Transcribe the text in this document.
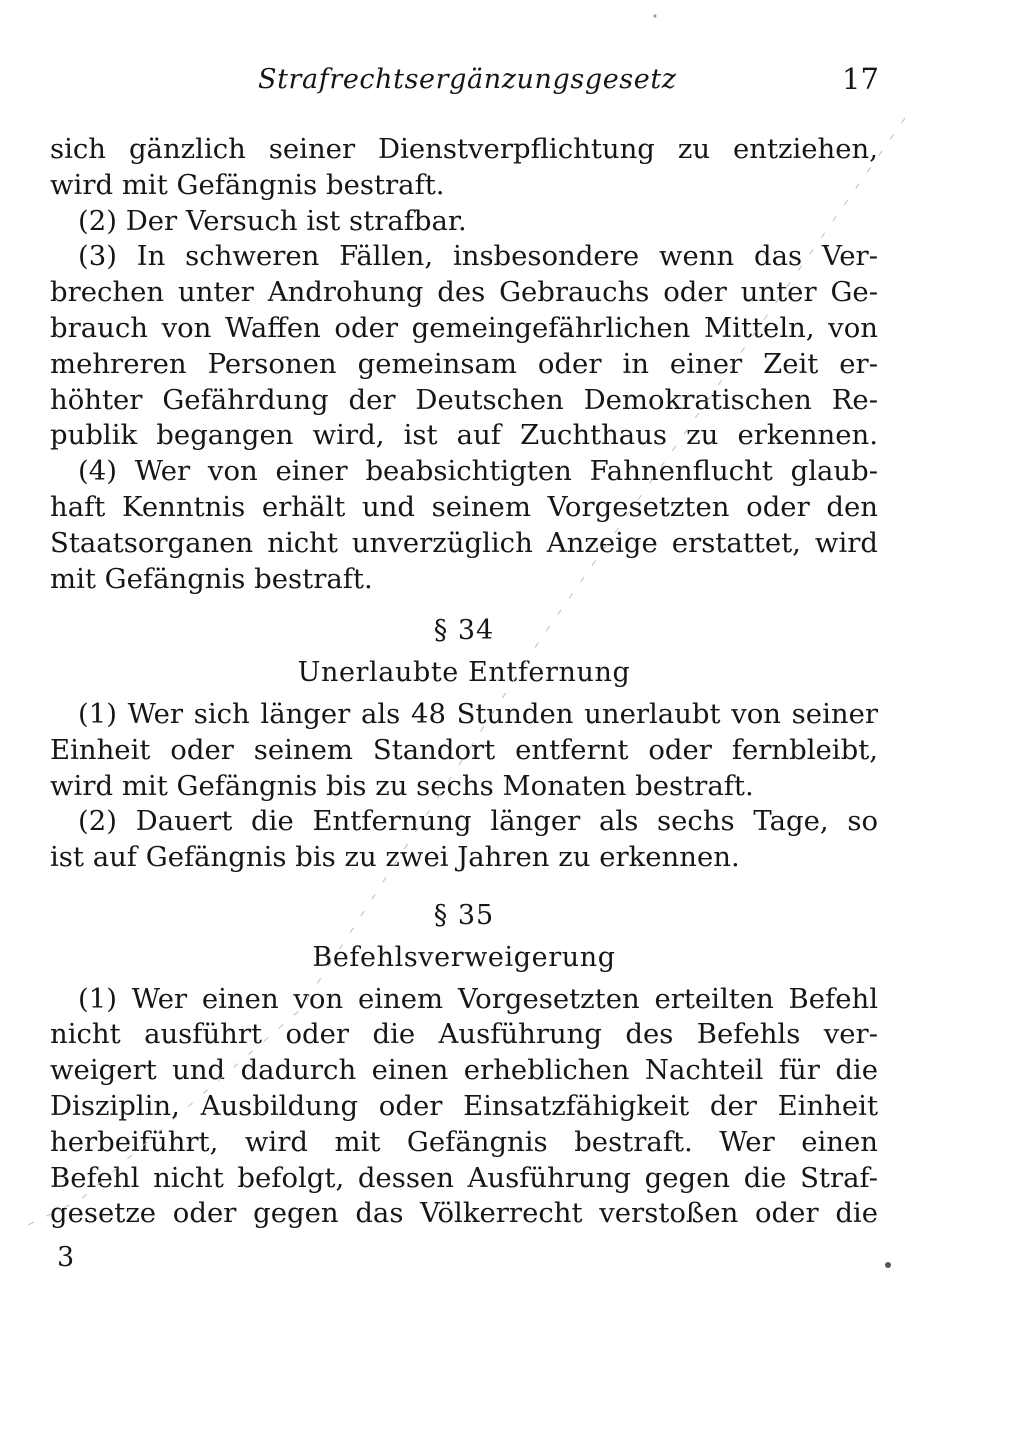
Strafrechtsergänzungsgesetz	17
sich gänzlich seiner Dienstverpflichtung zu entziehen,
wird mit Gefängnis bestraft.
(2) Der Versuch ist strafbar.
(3) In schweren Fällen, insbesondere wenn das Ver-
brechen unter Androhung des Gebrauchs oder unter Ge-
brauch von Waffen oder gemeingefährlichen Mitteln, von
mehreren Personen gemeinsam oder in einer Zeit er-
höhter Gefährdung der Deutschen Demokratischen Re-
publik begangen wird, ist auf Zuchthaus zu erkennen.
(4) Wer von einer beabsichtigten Fahnenflucht glaub-
haft Kenntnis erhält und seinem Vorgesetzten oder den
Staatsorganen nicht unverzüglich Anzeige erstattet, wird
mit Gefängnis bestraft.
§ 34
Unerlaubte Entfernung
(1) Wer sich länger als 48 Stunden unerlaubt von seiner
Einheit oder seinem Standort entfernt oder fernbleibt,
wird mit Gefängnis bis zu sechs Monaten bestraft.
(2) Dauert die Entfernung länger als sechs Tage, so
ist auf Gefängnis bis zu zwei Jahren zu erkennen.
§ 35
Befehlsverweigerung
(1) Wer einen von einem Vorgesetzten erteilten Befehl
nicht ausführt oder die Ausführung des Befehls ver-
weigert und dadurch einen erheblichen Nachteil für die
Disziplin, Ausbildung oder Einsatzfähigkeit der Einheit
herbeiführt, wird mit Gefängnis bestraft. Wer einen
Befehl nicht befolgt, dessen Ausführung gegen die Straf-
gesetze oder gegen das Völkerrecht verstoßen oder die
3
